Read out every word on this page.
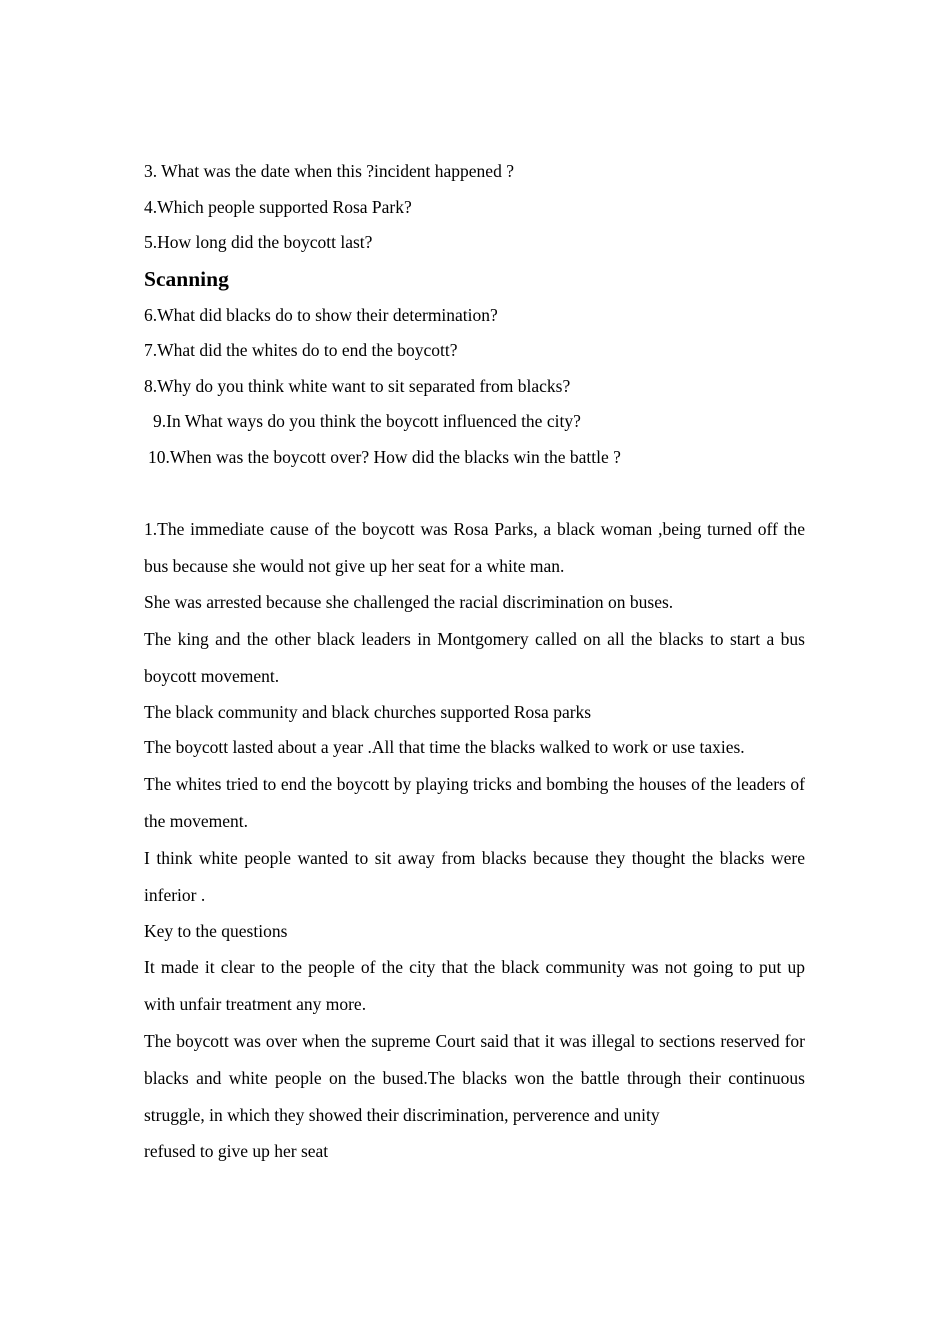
3. What was the date when this ?incident happened ?

4.Which people supported Rosa Park?

5.How long did the boycott last?

Scanning

6.What did blacks do to show their determination?

7.What did the whites do to end the boycott?

8.Why do you think white want to sit separated from blacks?

9.In What ways do you think the boycott influenced the city?

10.When was the boycott over? How did the blacks win the battle ?

1.The immediate cause of the boycott was Rosa Parks, a black woman ,being turned off the bus because she would not give up her seat for a white man.

She was arrested because she challenged the racial discrimination on buses.

The king and the other black leaders in Montgomery called on all the blacks to start a bus boycott movement.

The black community and black churches supported Rosa parks

The boycott lasted about a year .All that time the blacks walked to work or use taxies.

The whites tried to end the boycott by playing tricks and bombing the houses of the leaders of the movement.

I think white people wanted to sit away from blacks because they thought the blacks were inferior .

Key to the questions

It made it clear to the people of the city that the black community was not going to put up with unfair treatment any more.

The boycott was over when the supreme Court said that it was illegal to sections reserved for blacks and white people on the bused.The blacks won the battle through their continuous struggle, in which they showed their discrimination, perverence and unity

refused to give up her seat
